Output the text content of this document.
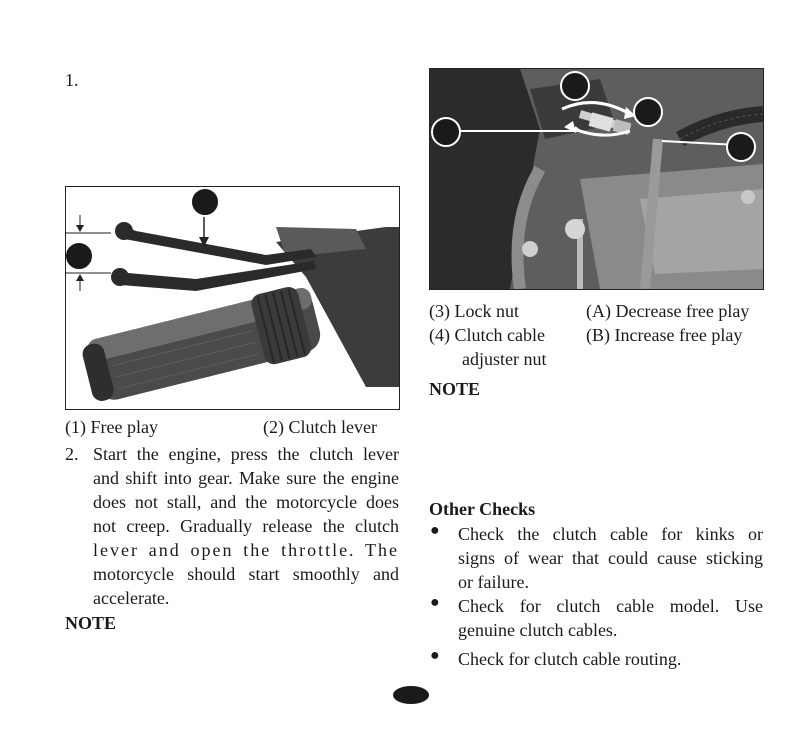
1.
(1) Free play	(2) Clutch lever
2. Start the engine, press the clutch lever
and shift into gear. Make sure the engine
does not stall, and the motorcycle does
not creep. Gradually release the clutch
lever and open the throttle. The
motorcycle should start smoothly and
accelerate.
NOTE
(3) Lock nut	(A) Decrease free play
(4) Clutch cable (B) Increase free play
adjuster nut
NOTE
Other Checks
● Check the clutch cable for kinks or
signs of wear that could cause sticking
or failure.
● Check for clutch cable model. Use
genuine clutch cables.
● Check for clutch cable routing.
